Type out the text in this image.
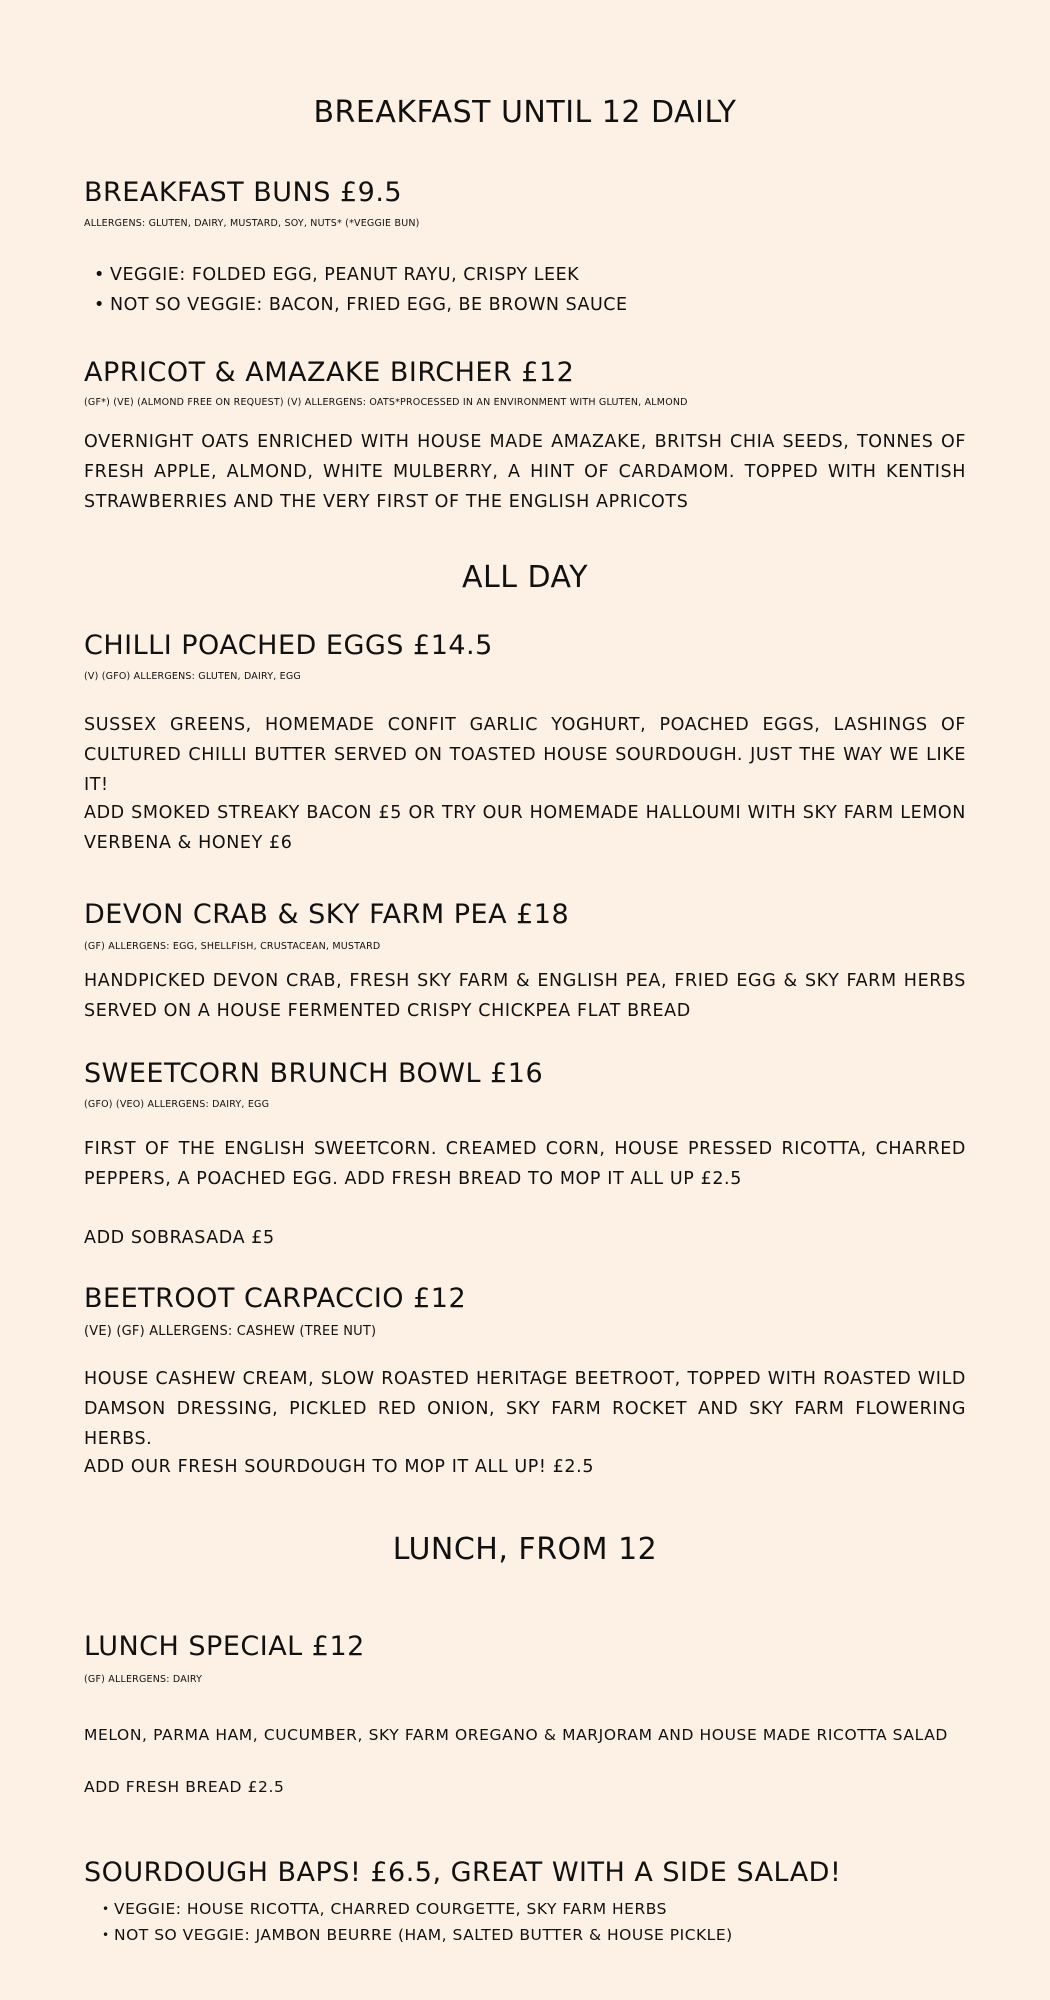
BREAKFAST UNTIL 12 DAILY
BREAKFAST BUNS £9.5
ALLERGENS: GLUTEN, DAIRY, MUSTARD, SOY, NUTS* (*VEGGIE BUN)
• VEGGIE: FOLDED EGG, PEANUT RAYU, CRISPY LEEK
• NOT SO VEGGIE: BACON, FRIED EGG, BE BROWN SAUCE
APRICOT & AMAZAKE BIRCHER £12
(GF*) (VE) (ALMOND FREE ON REQUEST) (V) ALLERGENS: OATS*PROCESSED IN AN ENVIRONMENT WITH GLUTEN, ALMOND

OVERNIGHT OATS ENRICHED WITH HOUSE MADE AMAZAKE, BRITSH CHIA SEEDS, TONNES OF FRESH APPLE, ALMOND, WHITE MULBERRY, A HINT OF CARDAMOM. TOPPED WITH KENTISH STRAWBERRIES AND THE VERY FIRST OF THE ENGLISH APRICOTS

ALL DAY
CHILLI POACHED EGGS £14.5
(V) (GFO) ALLERGENS: GLUTEN, DAIRY, EGG

SUSSEX GREENS, HOMEMADE CONFIT GARLIC YOGHURT, POACHED EGGS, LASHINGS OF CULTURED CHILLI BUTTER SERVED ON TOASTED HOUSE SOURDOUGH. JUST THE WAY WE LIKE IT!

ADD SMOKED STREAKY BACON £5 OR TRY OUR HOMEMADE HALLOUMI WITH SKY FARM LEMON VERBENA & HONEY £6

DEVON CRAB & SKY FARM PEA £18
(GF) ALLERGENS: EGG, SHELLFISH, CRUSTACEAN, MUSTARD

HANDPICKED DEVON CRAB, FRESH SKY FARM & ENGLISH PEA, FRIED EGG & SKY FARM HERBS SERVED ON A HOUSE FERMENTED CRISPY CHICKPEA FLAT BREAD

SWEETCORN BRUNCH BOWL £16
(GFO) (VEO) ALLERGENS: DAIRY, EGG

FIRST OF THE ENGLISH SWEETCORN. CREAMED CORN, HOUSE PRESSED RICOTTA, CHARRED PEPPERS, A POACHED EGG. ADD FRESH BREAD TO MOP IT ALL UP £2.5

ADD SOBRASADA £5

BEETROOT CARPACCIO £12
(VE) (GF) ALLERGENS: CASHEW (TREE NUT)

HOUSE CASHEW CREAM, SLOW ROASTED HERITAGE BEETROOT, TOPPED WITH ROASTED WILD DAMSON DRESSING, PICKLED RED ONION, SKY FARM ROCKET AND SKY FARM FLOWERING HERBS.

ADD OUR FRESH SOURDOUGH TO MOP IT ALL UP! £2.5

LUNCH, FROM 12
LUNCH SPECIAL £12
(GF) ALLERGENS: DAIRY

MELON, PARMA HAM, CUCUMBER, SKY FARM OREGANO & MARJORAM AND HOUSE MADE RICOTTA SALAD

ADD FRESH BREAD £2.5

SOURDOUGH BAPS! £6.5, GREAT WITH A SIDE SALAD!
• VEGGIE: HOUSE RICOTTA, CHARRED COURGETTE, SKY FARM HERBS
• NOT SO VEGGIE: JAMBON BEURRE (HAM, SALTED BUTTER & HOUSE PICKLE)
